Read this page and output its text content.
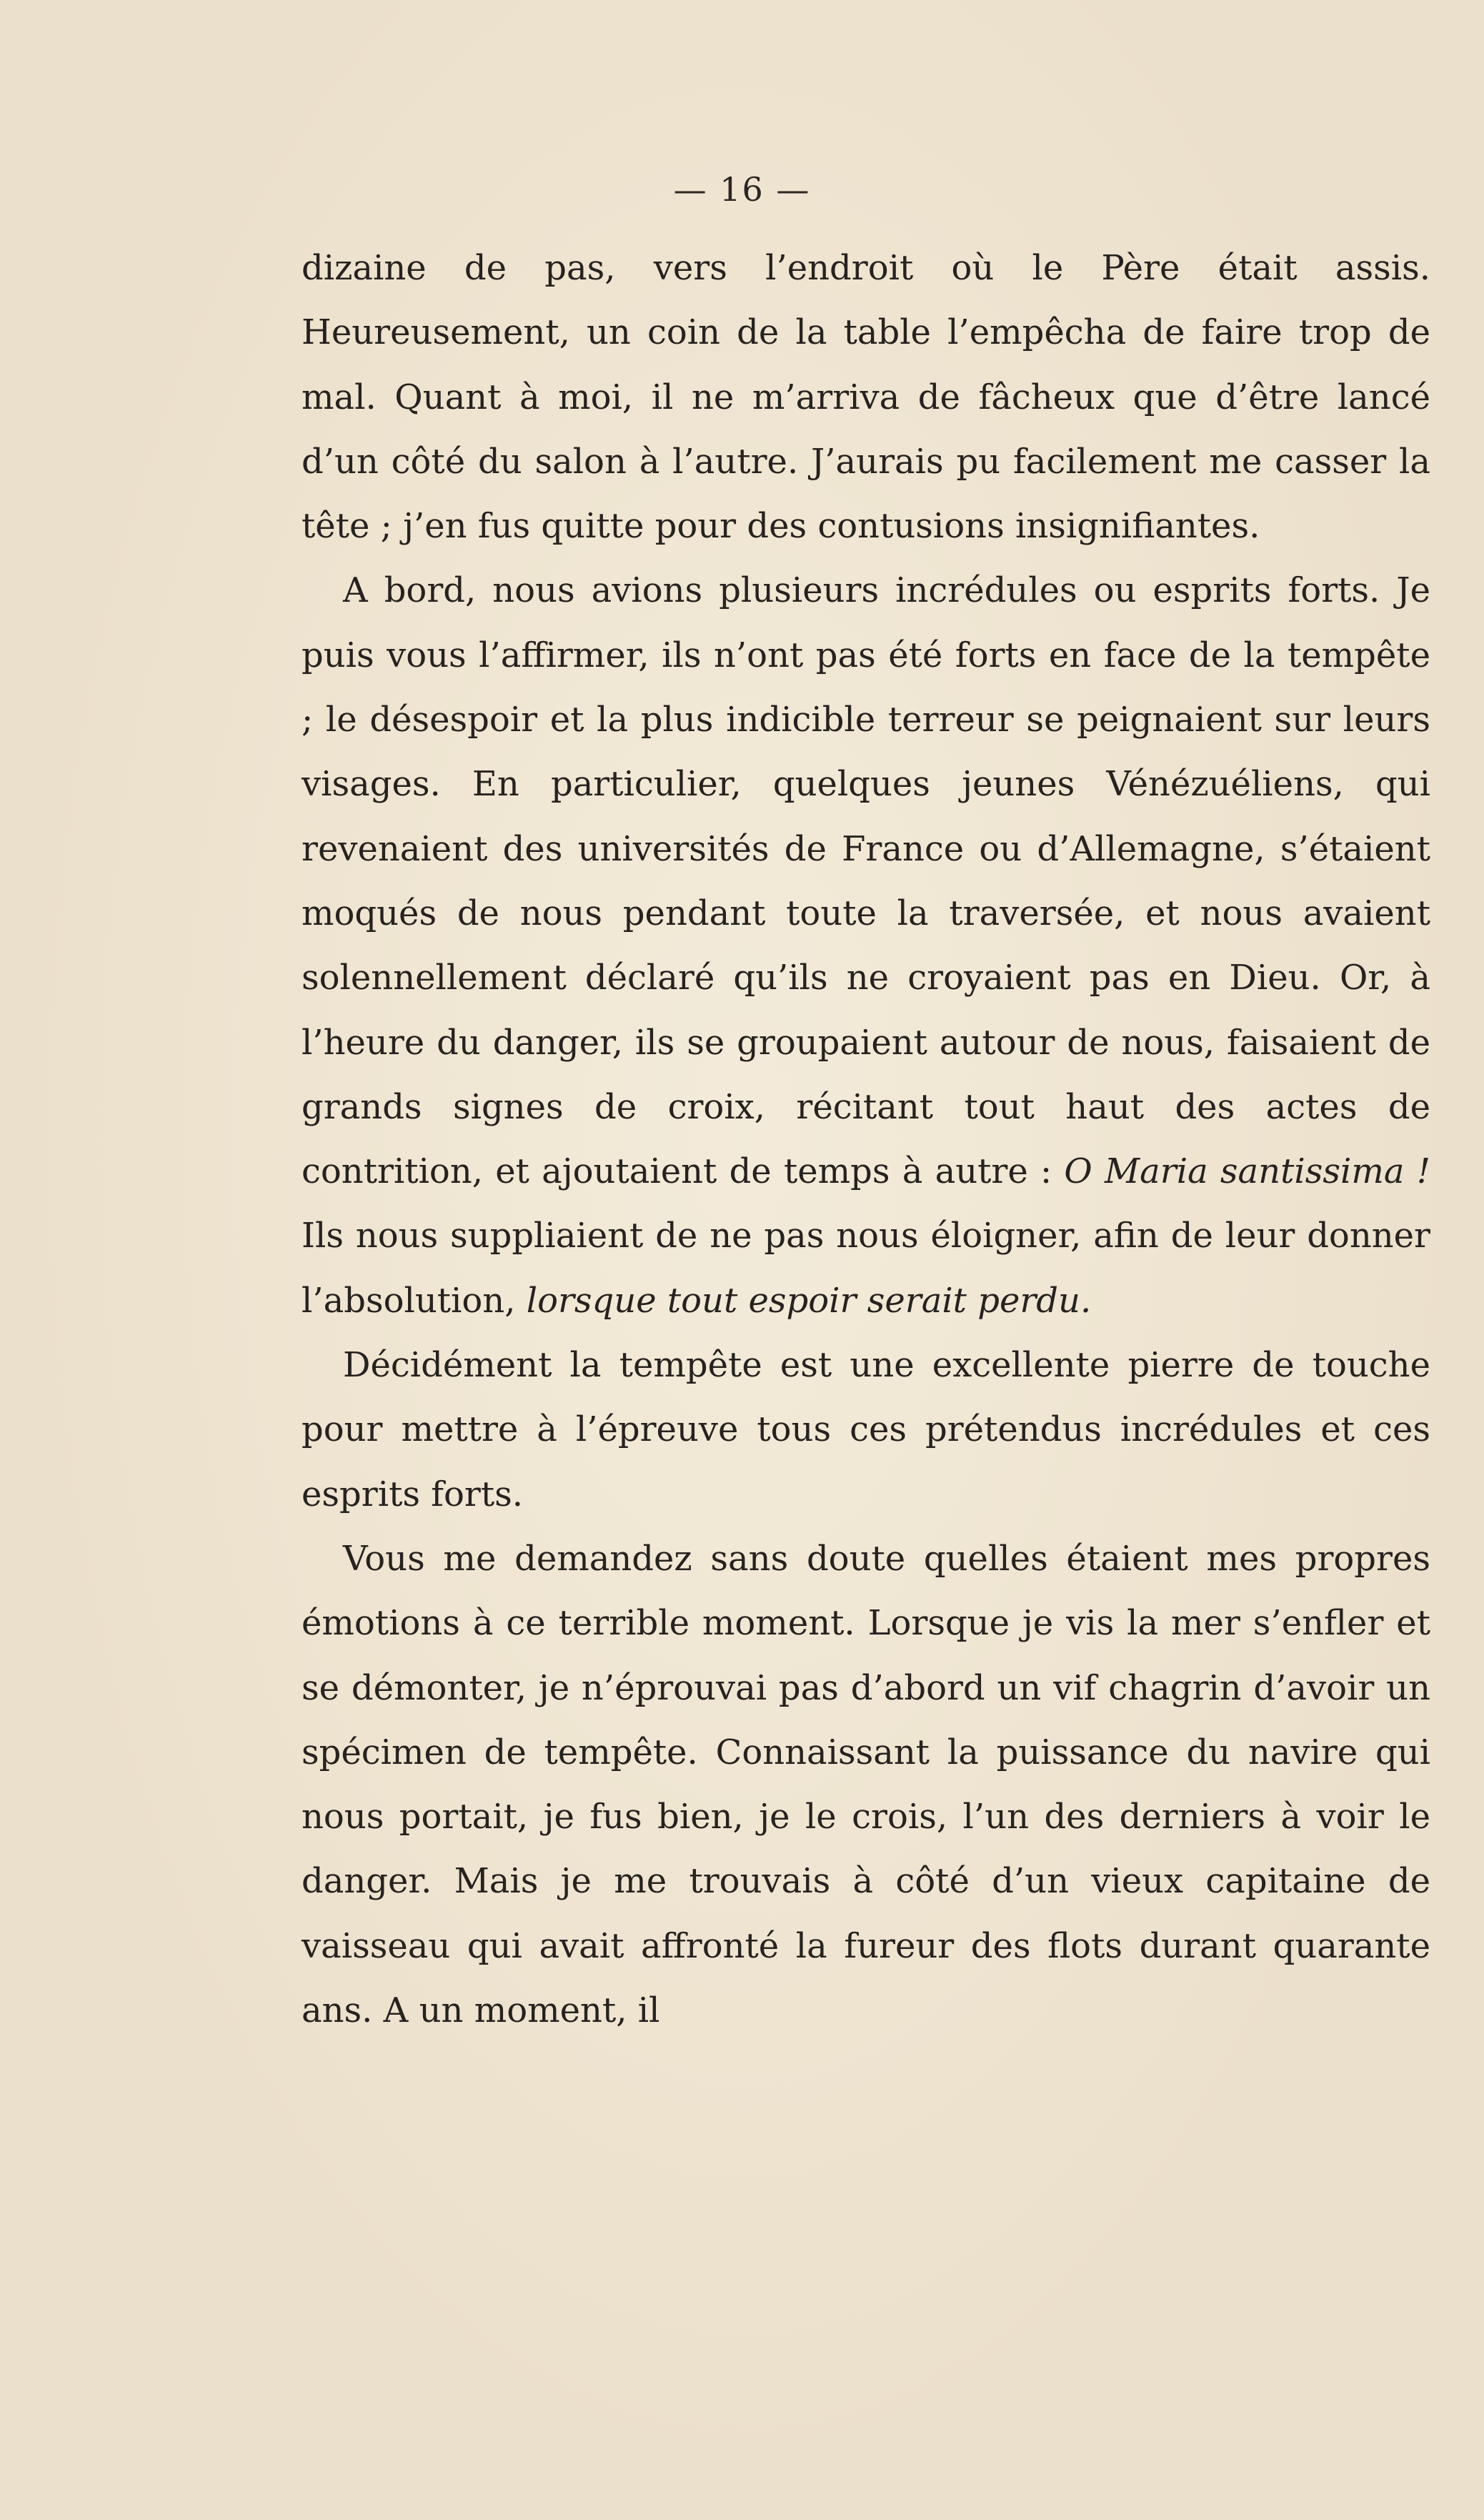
— 16 —

dizaine de pas, vers l’endroit où le Père était assis. Heureusement, un coin de la table l’empêcha de faire trop de mal. Quant à moi, il ne m’arriva de fâcheux que d’être lancé d’un côté du salon à l’autre. J’aurais pu facilement me casser la tête ; j’en fus quitte pour des contusions insignifiantes.

A bord, nous avions plusieurs incrédules ou esprits forts. Je puis vous l’affirmer, ils n’ont pas été forts en face de la tempête ; le désespoir et la plus indicible terreur se peignaient sur leurs visages. En particulier, quelques jeunes Vénézuéliens, qui revenaient des universités de France ou d’Allemagne, s’étaient moqués de nous pendant toute la traversée, et nous avaient solennellement déclaré qu’ils ne croyaient pas en Dieu. Or, à l’heure du danger, ils se groupaient autour de nous, faisaient de grands signes de croix, récitant tout haut des actes de contrition, et ajoutaient de temps à autre : O Maria santissima ! Ils nous suppliaient de ne pas nous éloigner, afin de leur donner l’absolution, lorsque tout espoir serait perdu.

Décidément la tempête est une excellente pierre de touche pour mettre à l’épreuve tous ces prétendus incrédules et ces esprits forts.

Vous me demandez sans doute quelles étaient mes propres émotions à ce terrible moment. Lorsque je vis la mer s’enfler et se démonter, je n’éprouvai pas d’abord un vif chagrin d’avoir un spécimen de tempête. Connaissant la puissance du navire qui nous portait, je fus bien, je le crois, l’un des derniers à voir le danger. Mais je me trouvais à côté d’un vieux capitaine de vaisseau qui avait affronté la fureur des flots durant quarante ans. A un moment, il
